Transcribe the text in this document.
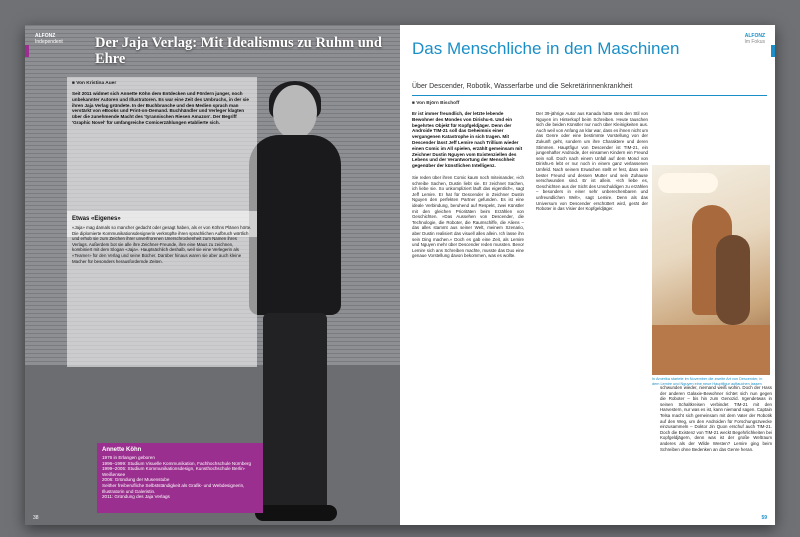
ALFONZ
Independent Der Jaja Verlag: Mit Idealismus zu Ruhm und Ehre
■ Von Kristina Auer
Seit 2011 widmet sich Annette Köhn dem Entdecken und Fördern junger, noch unbekannter Autoren und Illustratoren. Es war eine Zeit des Umbruchs, in der sie ihren Jaja Verlag gründete. In der Buchbranche und den Medien sprach man verstärkt von eBooks und Print-on-Demand. Buchhändler und Verleger klagten über die zunehmende Macht des 'tyrannischen Riesen Amazon'. Der Begriff 'Graphic Novel' für umfangreiche Comicerzählungen etablierte sich.
Etwas «Eigenes»
«Jaja» mag damals so mancher gedacht oder gesagt haben, als er von Köhns Plänen hörte. Die diplomierte Kommunikationsdesignerin verknüpfte ihren sprachlichen Aufbruch wörtlich und erhob sie zum Zeichen ihrer unverfrorenen Unerschrockenheit zum Namen ihres Verlags. Außerdem bot sie alle ihre Zeichner-Freunde, ihre eine Maus zu zeichnen, kombiniert mit dem Slogan «Jaja». Hauptsächlich deshalb, weil sie eine Verlegerin als «Teamer» für den Verlag und seine Bücher. Darüber hinaus waren sie aber auch kleine Macher für besonders herausfordernde Zeiten.
Annette Köhn
1976 in Erlangen geboren
1996–1999: Studium Visuelle Kommunikation, Fachhochschule Nürnberg
1999–2005: Studium Kommunikationsdesign, Kunsthochschule Berlin-Weißensee
2006: Gründung der Musenstube
Seither freiberufliche Selbstständigkeit als Grafik- und Webdesignerin, Illustratorin und Galeristin.
2011: Gründung des Jaja Verlags
38
ALFONZ
Im Fokus
Das Menschliche in den Maschinen
Über Descender, Robotik, Wasserfarbe und die Sekretärinnenkrankheit
■ Von Björn Bischoff
Er ist immer freundlich, der letzte lebende Bewohner des Mondes von Dirishu-6. Und ein begehrtes Objekt für Kopfgeldjäger. Denn der Androide TIM-21 soll das Geheimnis einer vergangenen Katastrophe in sich tragen. Mit Descender lässt Jeff Lemire nach Trillium wieder einen Comic im All spielen, erzählt gemeinsam mit Zeichner Dustin Nguyen vom Existenziellen des Lebens und der Verantwortung der Menschheit gegenüber der künstlichen Intelligenz.
Sie reden über ihren Comic kaum noch miteinander, »ich schreibe Sachen, Dustin liebt sie. Er zeichnet Sachen, ich liebe sie. So unkompliziert läuft das eigentlich«, sagt Jeff Lemire. Er hat für Descender in Zeichner Dustin Nguyen den perfekten Partner gefunden. Es ist eine ideale Verbindung, beruhend auf Respekt, zwei Künstler mit den gleichen Prioritäten beim Erzählen von Geschichten. »Das Aussehen von Descender, die Technologie, die Roboter, die Raumschiffe, die Aliens – das alles stammt aus seiner Welt, meinem Szenario, aber Dustin realisiert das visuell alles allein. Ich lasse ihn sein Ding machen.« Doch es gab eine Zeit, als Lemire und Nguyen mehr über Descender reden mussten. Bevor Lemire sich ans Schreiben machte, musste das Duo eine genaue Vorstellung davon bekommen, was es wollte.
Der 39-jährige Autor aus Kanada hatte stets den Stil von Nguyen im Hinterkopf beim Schreiben. Heute tauschen sich die beiden Künstler nur noch über Kleinigkeiten aus. Auch weil von Anfang an klar war, dass es ihnen nicht um das Genre oder eine bestimmte Vorstellung von der Zukunft geht, sondern um ihre Charaktere und deren Stimmen. Hauptfigur von Descender ist TIM-21, ein jungenhafter Androide, der einsamen Kindern ein Freund sein soll. Doch nach einem Unfall auf dem Mond von Dirishu-6 lebt er nur noch in einem ganz verlassenen Umfeld. Nach seinem Erwachen stellt er fest, dass sein bester Freund und dessen Mutter und sein Zuhause verschwunden sind. Er ist allein. «Ich liebe es, Geschichten aus der Sicht des Unschuldigen zu erzählen – besonders in einer sehr unberechenbaren und unfreundlichen Welt», sagt Lemire. Denn als das Universum von Descender erschüttert wird, gerät der Roboter in das Visier der Kopfgeldjäger.
In Amerika startete im November die zweite Art von Descender, in dem Lemire und Nguyen eine neue Hauptfigur auftauchen lassen
schwunden wieder, niemand weiß wohin. Doch der Hass der anderen Galaxie-Bewohner richtet sich nun gegen die Roboter – bis hin zum Genozid. Irgendetwas in seinen Schaltkreisen verbindet TIM-21 mit den Harvestern, nur was es ist, kann niemand sagen. Captain Telsa macht sich gemeinsam mit dem Vater der Robotik auf den Weg, um den Androiden für Forschungszwecke einzusammeln – Doktor Jin Quon erschuf auch TIM-21. Doch die Existenz von TIM-21 weckt Begehrlichkeiten bei Kopfgeldjägern, denn was ist der große Weltraum anderes als der Wilde Westen? Lemire ging beim Schreiben ohne Bedenken an das Genre heran.
59
